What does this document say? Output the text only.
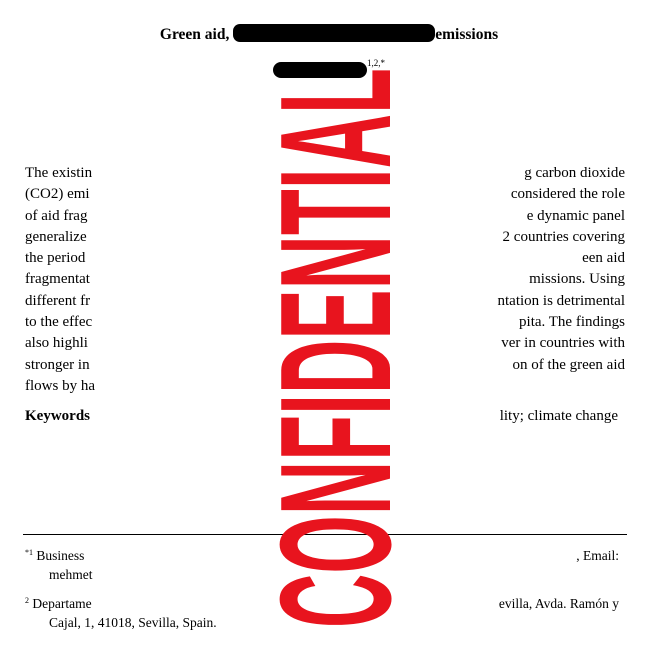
Green aid,	emissions
$^{1,2,*}$
The existin	g carbon dioxide
(CO2) emi	considered the role
of aid frag	e dynamic panel
generalize	2 countries covering
the period	een aid
fragmentat	missions. Using
different fr	ntation is detrimental
to the effec	pita. The findings
also highli	ver in countries with
stronger in	on of the green aid
flows by ha
Keywords	lity; climate change
$^{*1}$ Business	, Email:
mehmet
$^2$ Departame	evilla, Avda. Ramón y
Cajal, 1, 41018, Sevilla, Spain. CONFIDENTIAL
